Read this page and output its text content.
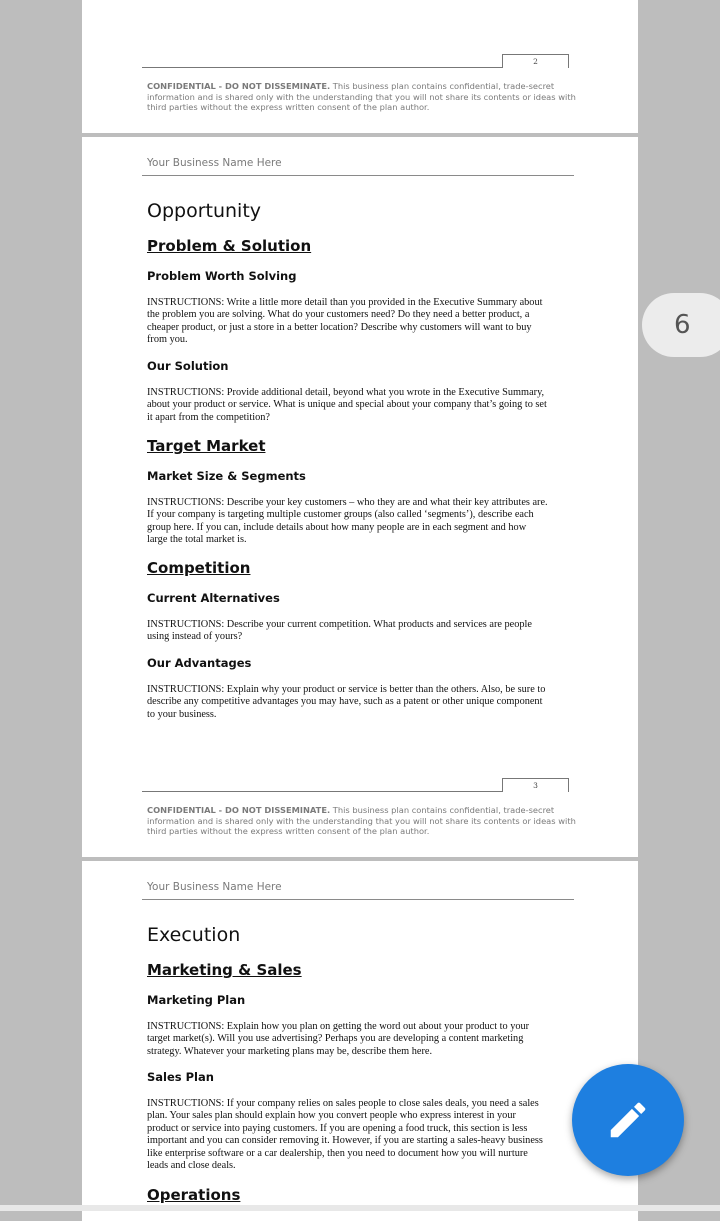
2
CONFIDENTIAL - DO NOT DISSEMINATE. This business plan contains confidential, trade-secret
information and is shared only with the understanding that you will not share its contents or ideas with
third parties without the express written consent of the plan author.
Your Business Name Here
Opportunity
Problem & Solution
Problem Worth Solving
INSTRUCTIONS: Write a little more detail than you provided in the Executive Summary about
the problem you are solving. What do your customers need? Do they need a better product, a
cheaper product, or just a store in a better location? Describe why customers will want to buy
from you.
Our Solution
INSTRUCTIONS: Provide additional detail, beyond what you wrote in the Executive Summary,
about your product or service. What is unique and special about your company that’s going to set
it apart from the competition?
Target Market
Market Size & Segments
INSTRUCTIONS: Describe your key customers – who they are and what their key attributes are.
If your company is targeting multiple customer groups (also called ‘segments’), describe each
group here. If you can, include details about how many people are in each segment and how
large the total market is.
Competition
Current Alternatives
INSTRUCTIONS: Describe your current competition. What products and services are people
using instead of yours?
Our Advantages
INSTRUCTIONS: Explain why your product or service is better than the others. Also, be sure to
describe any competitive advantages you may have, such as a patent or other unique component
to your business.
3
CONFIDENTIAL - DO NOT DISSEMINATE. This business plan contains confidential, trade-secret
information and is shared only with the understanding that you will not share its contents or ideas with
third parties without the express written consent of the plan author.
Your Business Name Here
Execution
Marketing & Sales
Marketing Plan
INSTRUCTIONS: Explain how you plan on getting the word out about your product to your
target market(s). Will you use advertising? Perhaps you are developing a content marketing
strategy. Whatever your marketing plans may be, describe them here.
Sales Plan
INSTRUCTIONS: If your company relies on sales people to close sales deals, you need a sales
plan. Your sales plan should explain how you convert people who express interest in your
product or service into paying customers. If you are opening a food truck, this section is less
important and you can consider removing it. However, if you are starting a sales-heavy business
like enterprise software or a car dealership, then you need to document how you will nurture
leads and close deals.
Operations
6
